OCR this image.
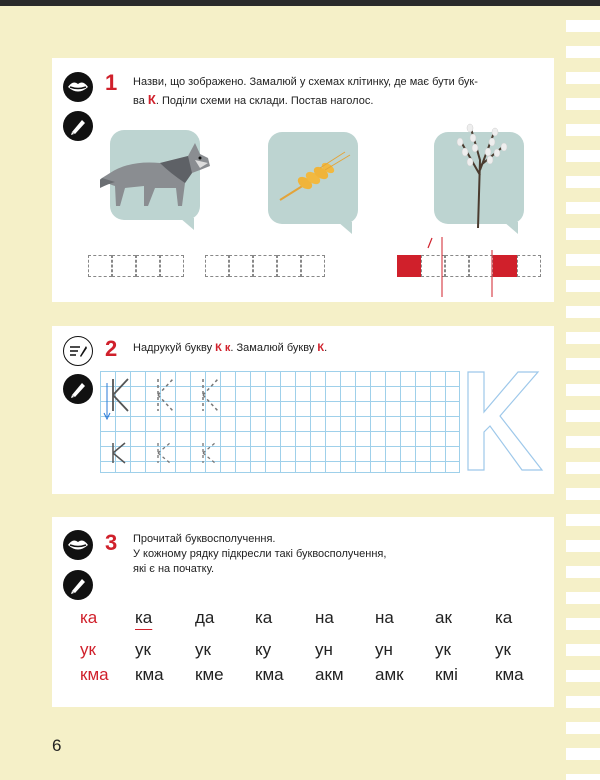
1 Назви, що зображено. Замалюй у схемах клітинку, де має бути бук-
ва К. Поділи схеми на склади. Постав наголос.
2 Надрукуй букву К к. Замалюй букву К.
3 Прочитай буквосполучення.
У кожному рядку підкресли такі буквосполучення,
які є на початку.
ка	ка	да	ка	на	на	ак	ка
ук	ук	ук	ку	ун	ун	ук	ук
кма	кма	кме	кма	акм	амк	кмі	кма
6
